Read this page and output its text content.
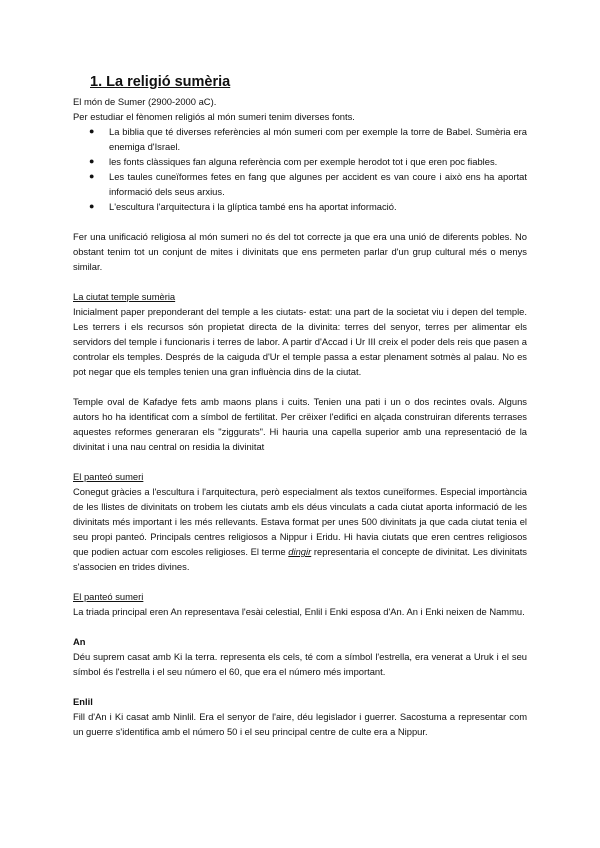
1. La religió sumèria

El món de Sumer (2900-2000 aC).

Per estudiar el fènomen religiós al món sumeri tenim diverses fonts.

● La biblia que té diverses referències al món sumeri com per exemple la torre de Babel. Sumèria era enemiga d'Israel.
● les fonts clàssiques fan alguna referència com per exemple herodot tot i que eren poc fiables.
● Les taules cuneïformes fetes en fang que algunes per accident es van coure i això ens ha aportat informació dels seus arxius.
● L'escultura l'arquitectura i la glíptica també ens ha aportat informació.

Fer una unificació religiosa al món sumeri no és del tot correcte ja que era una unió de diferents pobles. No obstant tenim tot un conjunt de mites i divinitats que ens permeten parlar d'un grup cultural més o menys similar.

La ciutat temple sumèria

Inicialment paper preponderant del temple a les ciutats- estat: una part de la societat viu i depen del temple. Les terrers i els recursos són propietat directa de la divinita: terres del senyor, terres per alimentar els servidors del temple i funcionaris i terres de labor. A partir d'Accad i Ur III creix el poder dels reis que pasen a controlar els temples. Després de la caiguda d'Ur el temple passa a estar plenament sotmès al palau. No es pot negar que els temples tenien una gran influència dins de la ciutat.

Temple oval de Kafadye fets amb maons plans i cuits. Tenien una pati i un o dos recintes ovals. Alguns autors ho ha identificat com a símbol de fertilitat. Per crëixer l'edifici en alçada construiran diferents terrases aquestes reformes generaran els "ziggurats". Hi hauria una capella superior amb una representació de la divinitat i una nau central on residia la divinitat

El panteó sumeri

Conegut gràcies a l'escultura i l'arquitectura, però especialment als textos cuneïformes. Especial importància de les llistes de divinitats on trobem les ciutats amb els déus vinculats a cada ciutat aporta informació de les divinitats més important i les més rellevants. Estava format per unes 500 divinitats ja que cada ciutat tenia el seu propi panteó. Principals centres religiosos a Nippur i Eridu. Hi havia ciutats que eren centres religiosos que podien actuar com escoles religioses. El terme dingir representaria el concepte de divinitat. Les divinitats s'associen en trides divines.

El panteó sumeri

La triada principal eren An representava l'esài celestial, Enlil i Enki esposa d'An. An i Enki neixen de Nammu.

An

Déu suprem casat amb Ki la terra. representa els cels, té com a símbol l'estrella, era venerat a Uruk i el seu símbol és l'estrella i el seu número el 60, que era el número més important.

Enlil

Fill d'An i Ki casat amb Ninlil. Era el senyor de l'aire, déu legislador i guerrer. Sacostuma a representar com un guerre s'identifica amb el número 50 i el seu principal centre de culte era a Nippur.
